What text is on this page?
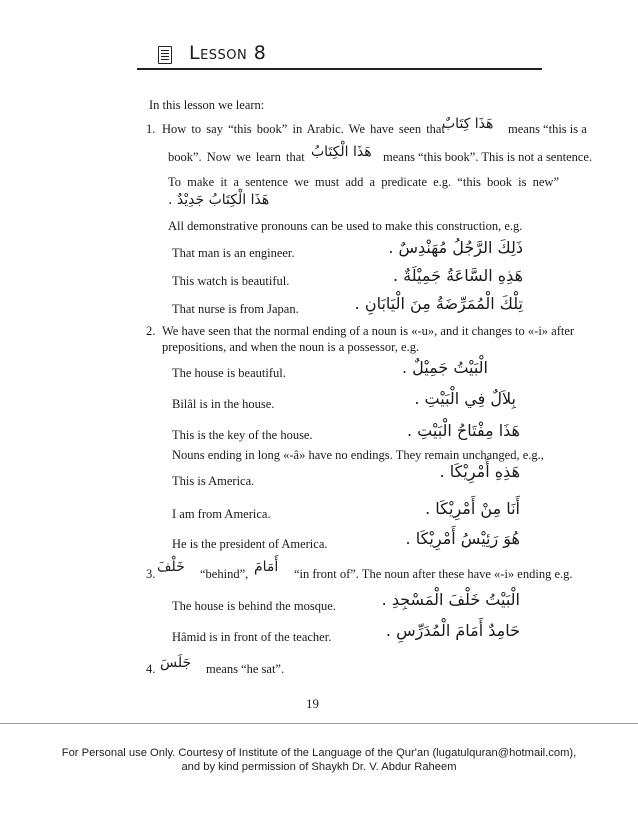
Lesson 8
In this lesson we learn:
1. How to say “this book” in Arabic. We have seen that
هَذَا كِتَابٌ means “this is a
book”. Now we learn that هَذَا الْكِتَابُ means “this book”. This is not a sentence.
To make it a sentence we must add a predicate e.g. “this book is new”
هَذَا الْكِتَابُ جَدِيْدٌ .
All demonstrative pronouns can be used to make this construction, e.g.
That man is an engineer.	ذَلِكَ الرَّجُلُ مُهَنْدِسٌ .
This watch is beautiful.	هَذِهِ السَّاعَةُ جَمِيْلَةٌ .
That nurse is from Japan.	تِلْكَ الْمُمَرِّضَةُ مِنَ الْيَابَانِ .
2. We have seen that the normal ending of a noun is «-u», and it changes to «-i» after
prepositions, and when the noun is a possessor, e.g.
The house is beautiful.	الْبَيْتُ جَمِيْلٌ .
Bilâl is in the house.	بِلاَلٌ فِي الْبَيْتِ .
This is the key of the house.	هَذَا مِفْتَاحُ الْبَيْتِ .
Nouns ending in long «-â» have no endings. They remain unchanged, e.g.,
This is America.	هَذِهِ أَمْرِيْكَا .
I am from America.	أَنَا مِنْ أَمْرِيْكَا .
He is the president of America.	هُوَ رَئِيْسُ أَمْرِيْكَا .
3. خَلْفَ “behind”, أَمَامَ “in front of”. The noun after these have «-i» ending e.g.
The house is behind the mosque.	الْبَيْتُ خَلْفَ الْمَسْجِدِ .
Hâmid is in front of the teacher.	حَامِدٌ أَمَامَ الْمُدَرِّسِ .
4. جَلَسَ means “he sat”.
19
For Personal use Only. Courtesy of Institute of the Language of the Qur'an (lugatulquran@hotmail.com),
and by kind permission of Shaykh Dr. V. Abdur Raheem
